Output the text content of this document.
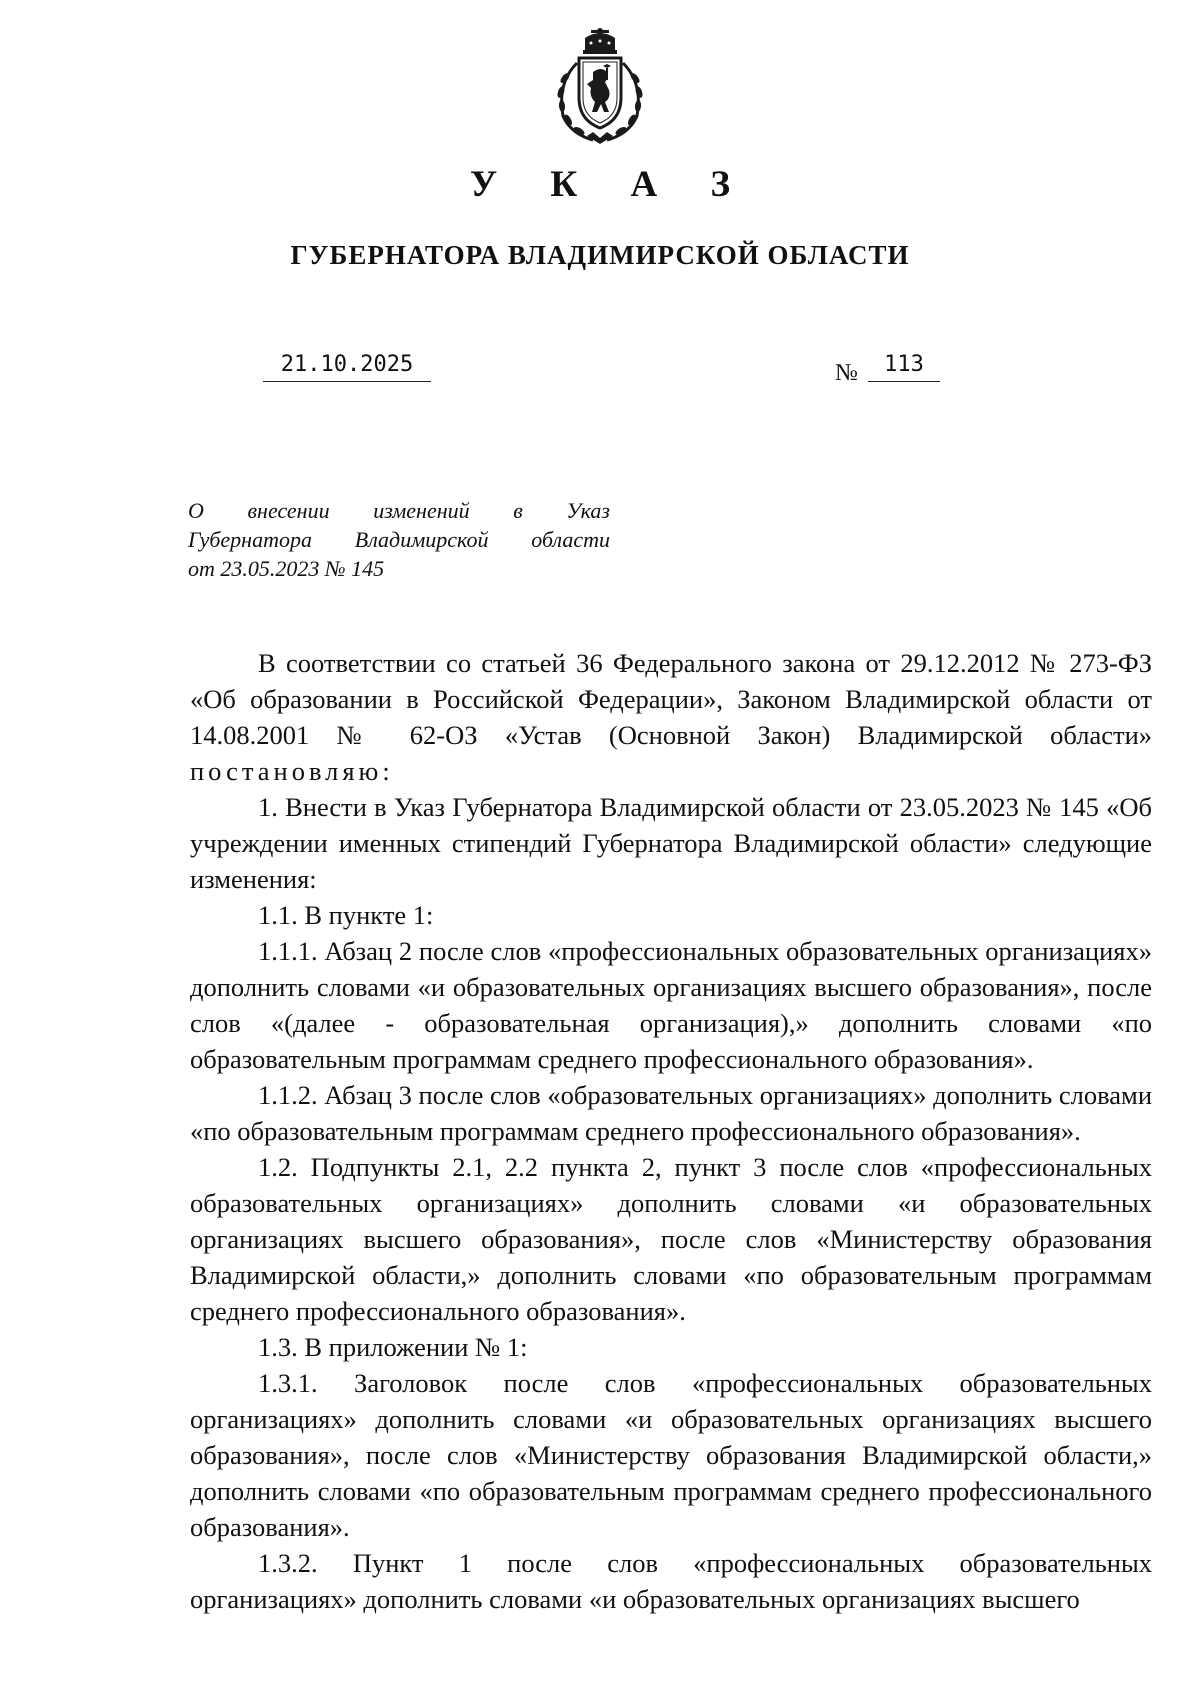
У К А З
ГУБЕРНАТОРА ВЛАДИМИРСКОЙ ОБЛАСТИ
21.10.2025	№	113
О внесении изменений в Указ
Губернатора Владимирской области
от 23.05.2023 № 145

В соответствии со статьей 36 Федерального закона от 29.12.2012 № 273-ФЗ «Об образовании в Российской Федерации», Законом Владимирской области от 14.08.2001 № 62-ОЗ «Устав (Основной Закон) Владимирской области» постановляю:

1. Внести в Указ Губернатора Владимирской области от 23.05.2023 № 145 «Об учреждении именных стипендий Губернатора Владимирской области» следующие изменения:

1.1. В пункте 1:

1.1.1. Абзац 2 после слов «профессиональных образовательных организациях» дополнить словами «и образовательных организациях высшего образования», после слов «(далее - образовательная организация),» дополнить словами «по образовательным программам среднего профессионального образования».

1.1.2. Абзац 3 после слов «образовательных организациях» дополнить словами «по образовательным программам среднего профессионального образования».

1.2. Подпункты 2.1, 2.2 пункта 2, пункт 3 после слов «профессиональных образовательных организациях» дополнить словами «и образовательных организациях высшего образования», после слов «Министерству образования Владимирской области,» дополнить словами «по образовательным программам среднего профессионального образования».

1.3. В приложении № 1:

1.3.1. Заголовок после слов «профессиональных образовательных организациях» дополнить словами «и образовательных организациях высшего образования», после слов «Министерству образования Владимирской области,» дополнить словами «по образовательным программам среднего профессионального образования».

1.3.2. Пункт 1 после слов «профессиональных образовательных организациях» дополнить словами «и образовательных организациях высшего
